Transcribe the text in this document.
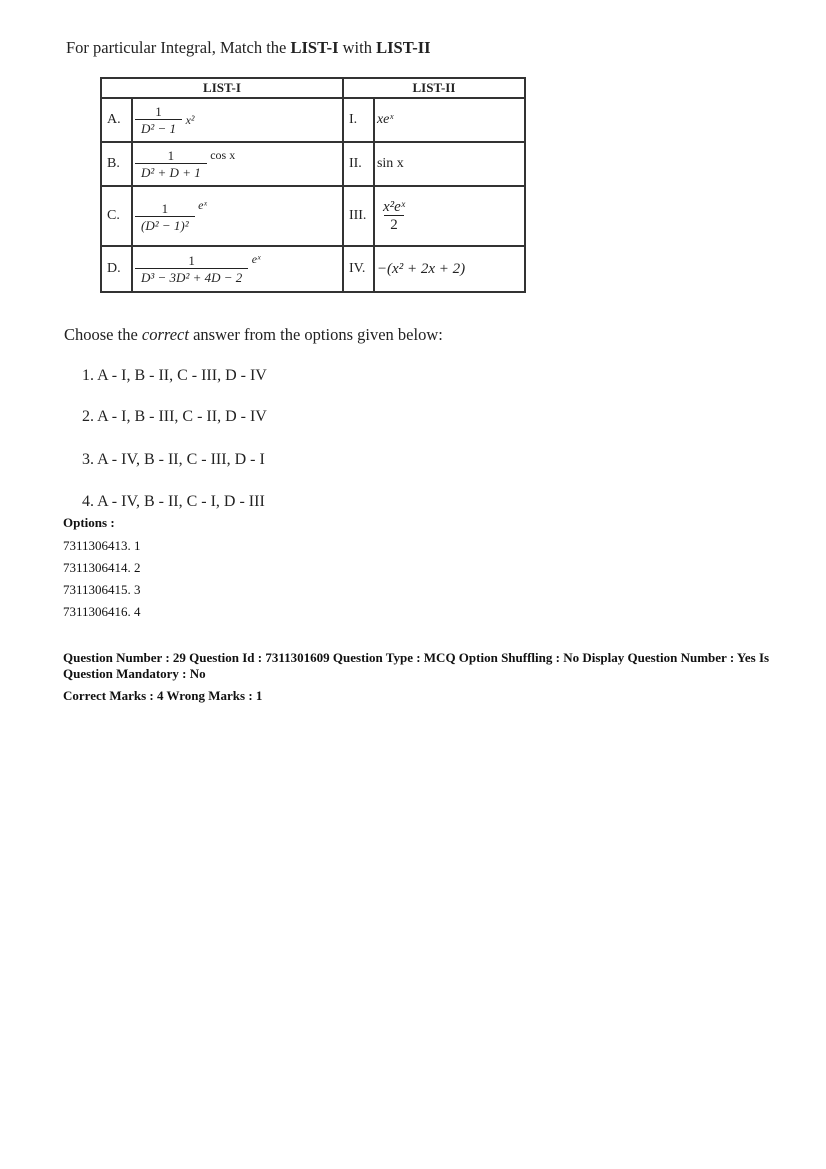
For particular Integral, Match the LIST-I with LIST-II
LIST-I		LIST-II	
A.	$\frac{1}{\text{D² − 1}} x^2$	I.	xeˣ
B.	$\frac{1}{\text{D² + D + 1}}$ cos x	II.	sin x
C.	$\frac{1}{\text{(D² − 1)²}}$ eˣ	III.	$\frac{\text{x²eˣ}}{2}$

D.	$\frac{1}{\text{D³ − 3D² + 4D − 2}}$ eˣ	IV.	−(x² + 2x + 2)
Choose the correct answer from the options given below:
1. A - I, B - II, C - III, D - IV
2. A - I, B - III, C - II, D - IV
3. A - IV, B - II, C - III, D - I
4. A - IV, B - II, C - I, D - III
Options :
7311306413. 1
7311306414. 2
7311306415. 3
7311306416. 4
Question Number : 29 Question Id : 7311301609 Question Type : MCQ Option Shuffling : No Display Question Number : Yes Is Question Mandatory : No
Correct Marks : 4 Wrong Marks : 1
